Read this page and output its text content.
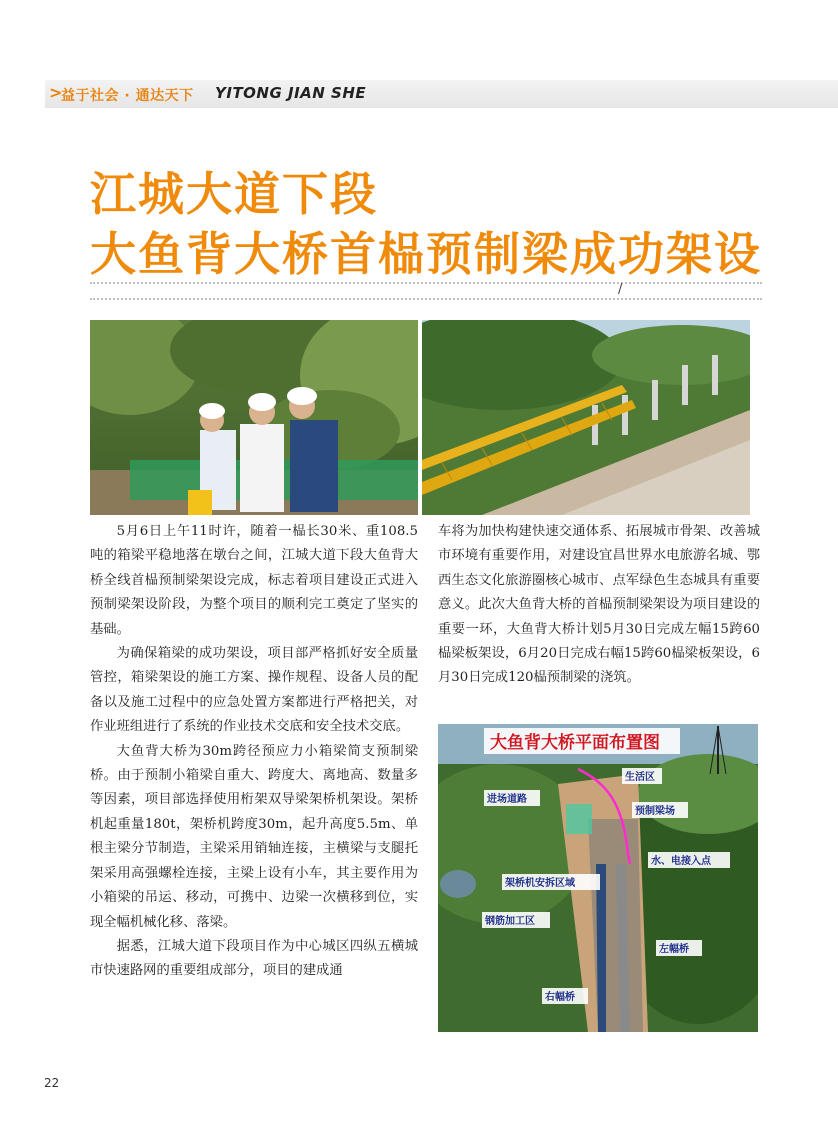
>
益于社会 · 通达天下 YITONG JIAN SHE
江城大道下段
大鱼背大桥首榀预制梁成功架设
/

5月6日上午11时许，随着一榀长30米、重108.5吨的箱梁平稳地落在墩台之间，江城大道下段大鱼背大桥全线首榀预制梁架设完成，标志着项目建设正式进入预制梁架设阶段，为整个项目的顺利完工奠定了坚实的基础。

为确保箱梁的成功架设，项目部严格抓好安全质量管控，箱梁架设的施工方案、操作规程、设备人员的配备以及施工过程中的应急处置方案都进行严格把关，对作业班组进行了系统的作业技术交底和安全技术交底。

大鱼背大桥为30m跨径预应力小箱梁简支预制梁桥。由于预制小箱梁自重大、跨度大、离地高、数量多等因素，项目部选择使用桁架双导梁架桥机架设。架桥机起重量180t，架桥机跨度30m，起升高度5.5m、单根主梁分节制造，主梁采用销轴连接，主横梁与支腿托架采用高强螺栓连接，主梁上设有小车，其主要作用为小箱梁的吊运、移动，可携中、边梁一次横移到位，实现全幅机械化移、落梁。

据悉，江城大道下段项目作为中心城区四纵五横城市快速路网的重要组成部分，项目的建成通

车将为加快构建快速交通体系、拓展城市骨架、改善城市环境有重要作用，对建设宜昌世界水电旅游名城、鄂西生态文化旅游圈核心城市、点军绿色生态城具有重要意义。此次大鱼背大桥的首榀预制梁架设为项目建设的重要一环，大鱼背大桥计划5月30日完成左幅15跨60榀梁板架设，6月20日完成右幅15跨60榀梁板架设，6月30日完成120榀预制梁的浇筑。

大鱼背大桥平面布置图
生活区
进场道路
预制梁场
水、电接入点
架桥机安拆区域
钢筋加工区
左幅桥
右幅桥
22
